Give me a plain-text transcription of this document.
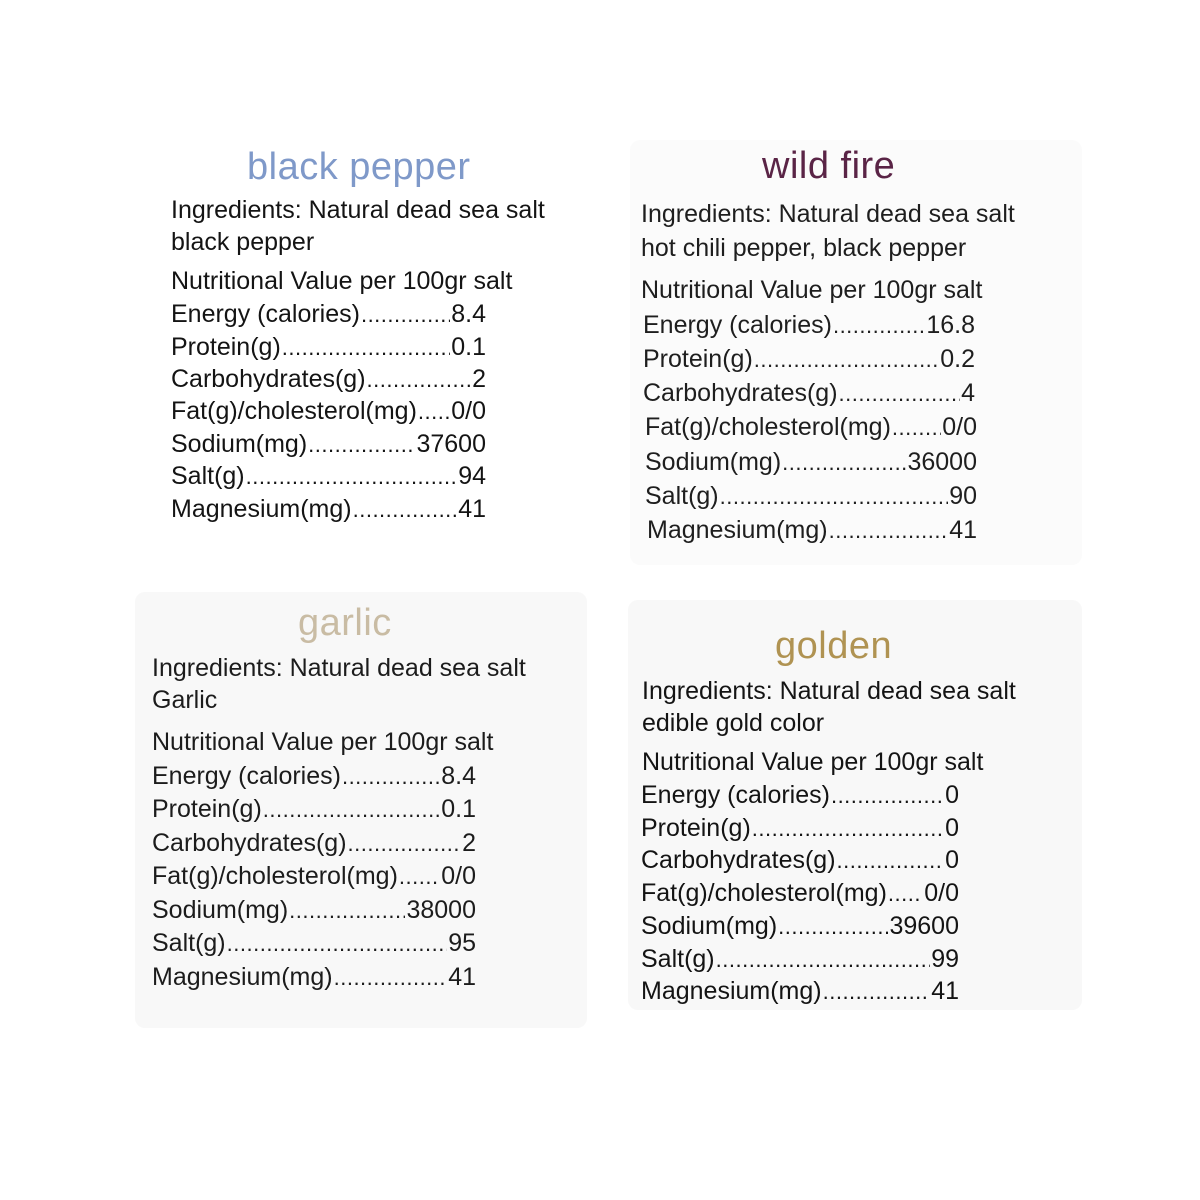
black pepper
Ingredients: Natural dead sea salt
black pepper
Nutritional Value per 100gr salt
Energy (calories) .....	8.4
Protein(g) .....	0.1
Carbohydrates(g) .....	2
Fat(g)/cholesterol(mg) ..... 0/0
Sodium(mg) .....	37600
Salt(g) .....	94
Magnesium(mg) .....	41
wild fire
Ingredients: Natural dead sea salt
hot chili pepper, black pepper
Nutritional Value per 100gr salt
Energy (calories) .....	16.8
Protein(g) .....	0.2
Carbohydrates(g) .....	4
Fat(g)/cholesterol(mg) ..... 0/0
Sodium(mg) .....	36000
Salt(g) .....	90
Magnesium(mg) .....	41
garlic
Ingredients: Natural dead sea salt
Garlic
Nutritional Value per 100gr salt
Energy (calories) .....	8.4
Protein(g) .....	0.1
Carbohydrates(g) .....	2
Fat(g)/cholesterol(mg) ..... 0/0
Sodium(mg) .....	38000
Salt(g) .....	95
Magnesium(mg) .....	41
golden
Ingredients: Natural dead sea salt
edible gold color
Nutritional Value per 100gr salt
Energy (calories) .....	0
Protein(g) .....	0
Carbohydrates(g) .....	0
Fat(g)/cholesterol(mg) ..... 0/0
Sodium(mg) .....	39600
Salt(g) .....	99
Magnesium(mg) .....	41
